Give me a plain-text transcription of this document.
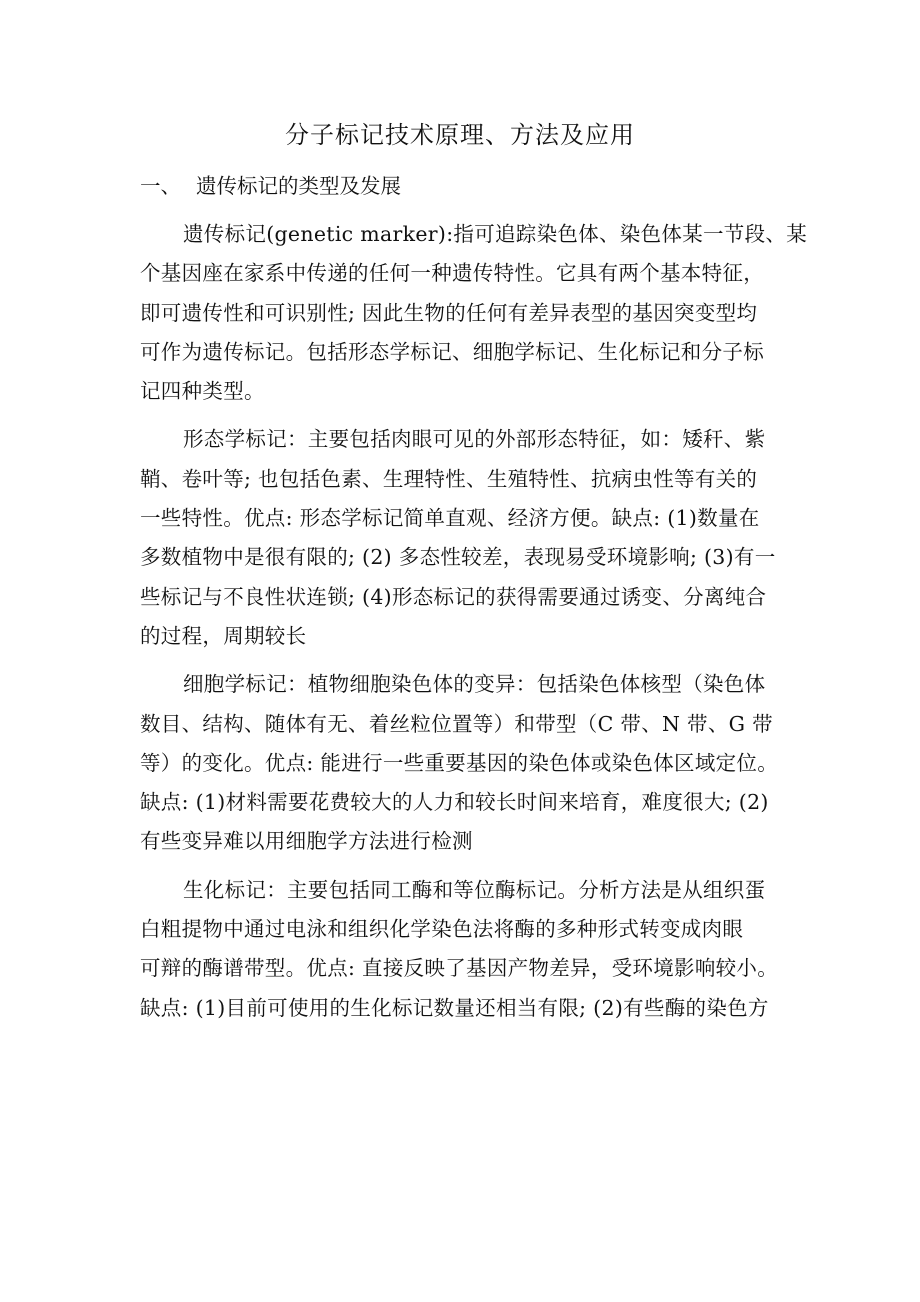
分子标记技术原理、方法及应用
一、 遗传标记的类型及发展
遗传标记(genetic marker):指可追踪染色体、染色体某一节段、某
个基因座在家系中传递的任何一种遗传特性。它具有两个基本特征，
即可遗传性和可识别性; 因此生物的任何有差异表型的基因突变型均
可作为遗传标记。包括形态学标记、细胞学标记、生化标记和分子标
记四种类型。
形态学标记：主要包括肉眼可见的外部形态特征，如：矮秆、紫
鞘、卷叶等; 也包括色素、生理特性、生殖特性、抗病虫性等有关的
一些特性。优点: 形态学标记简单直观、经济方便。缺点: (1)数量在
多数植物中是很有限的; (2) 多态性较差，表现易受环境影响; (3)有一
些标记与不良性状连锁; (4)形态标记的获得需要通过诱变、分离纯合
的过程，周期较长
细胞学标记：植物细胞染色体的变异：包括染色体核型（染色体
数目、结构、随体有无、着丝粒位置等）和带型（C 带、N 带、G 带
等）的变化。优点: 能进行一些重要基因的染色体或染色体区域定位。
缺点: (1)材料需要花费较大的人力和较长时间来培育，难度很大; (2)
有些变异难以用细胞学方法进行检测
生化标记：主要包括同工酶和等位酶标记。分析方法是从组织蛋
白粗提物中通过电泳和组织化学染色法将酶的多种形式转变成肉眼
可辩的酶谱带型。优点: 直接反映了基因产物差异，受环境影响较小。
缺点: (1)目前可使用的生化标记数量还相当有限; (2)有些酶的染色方
